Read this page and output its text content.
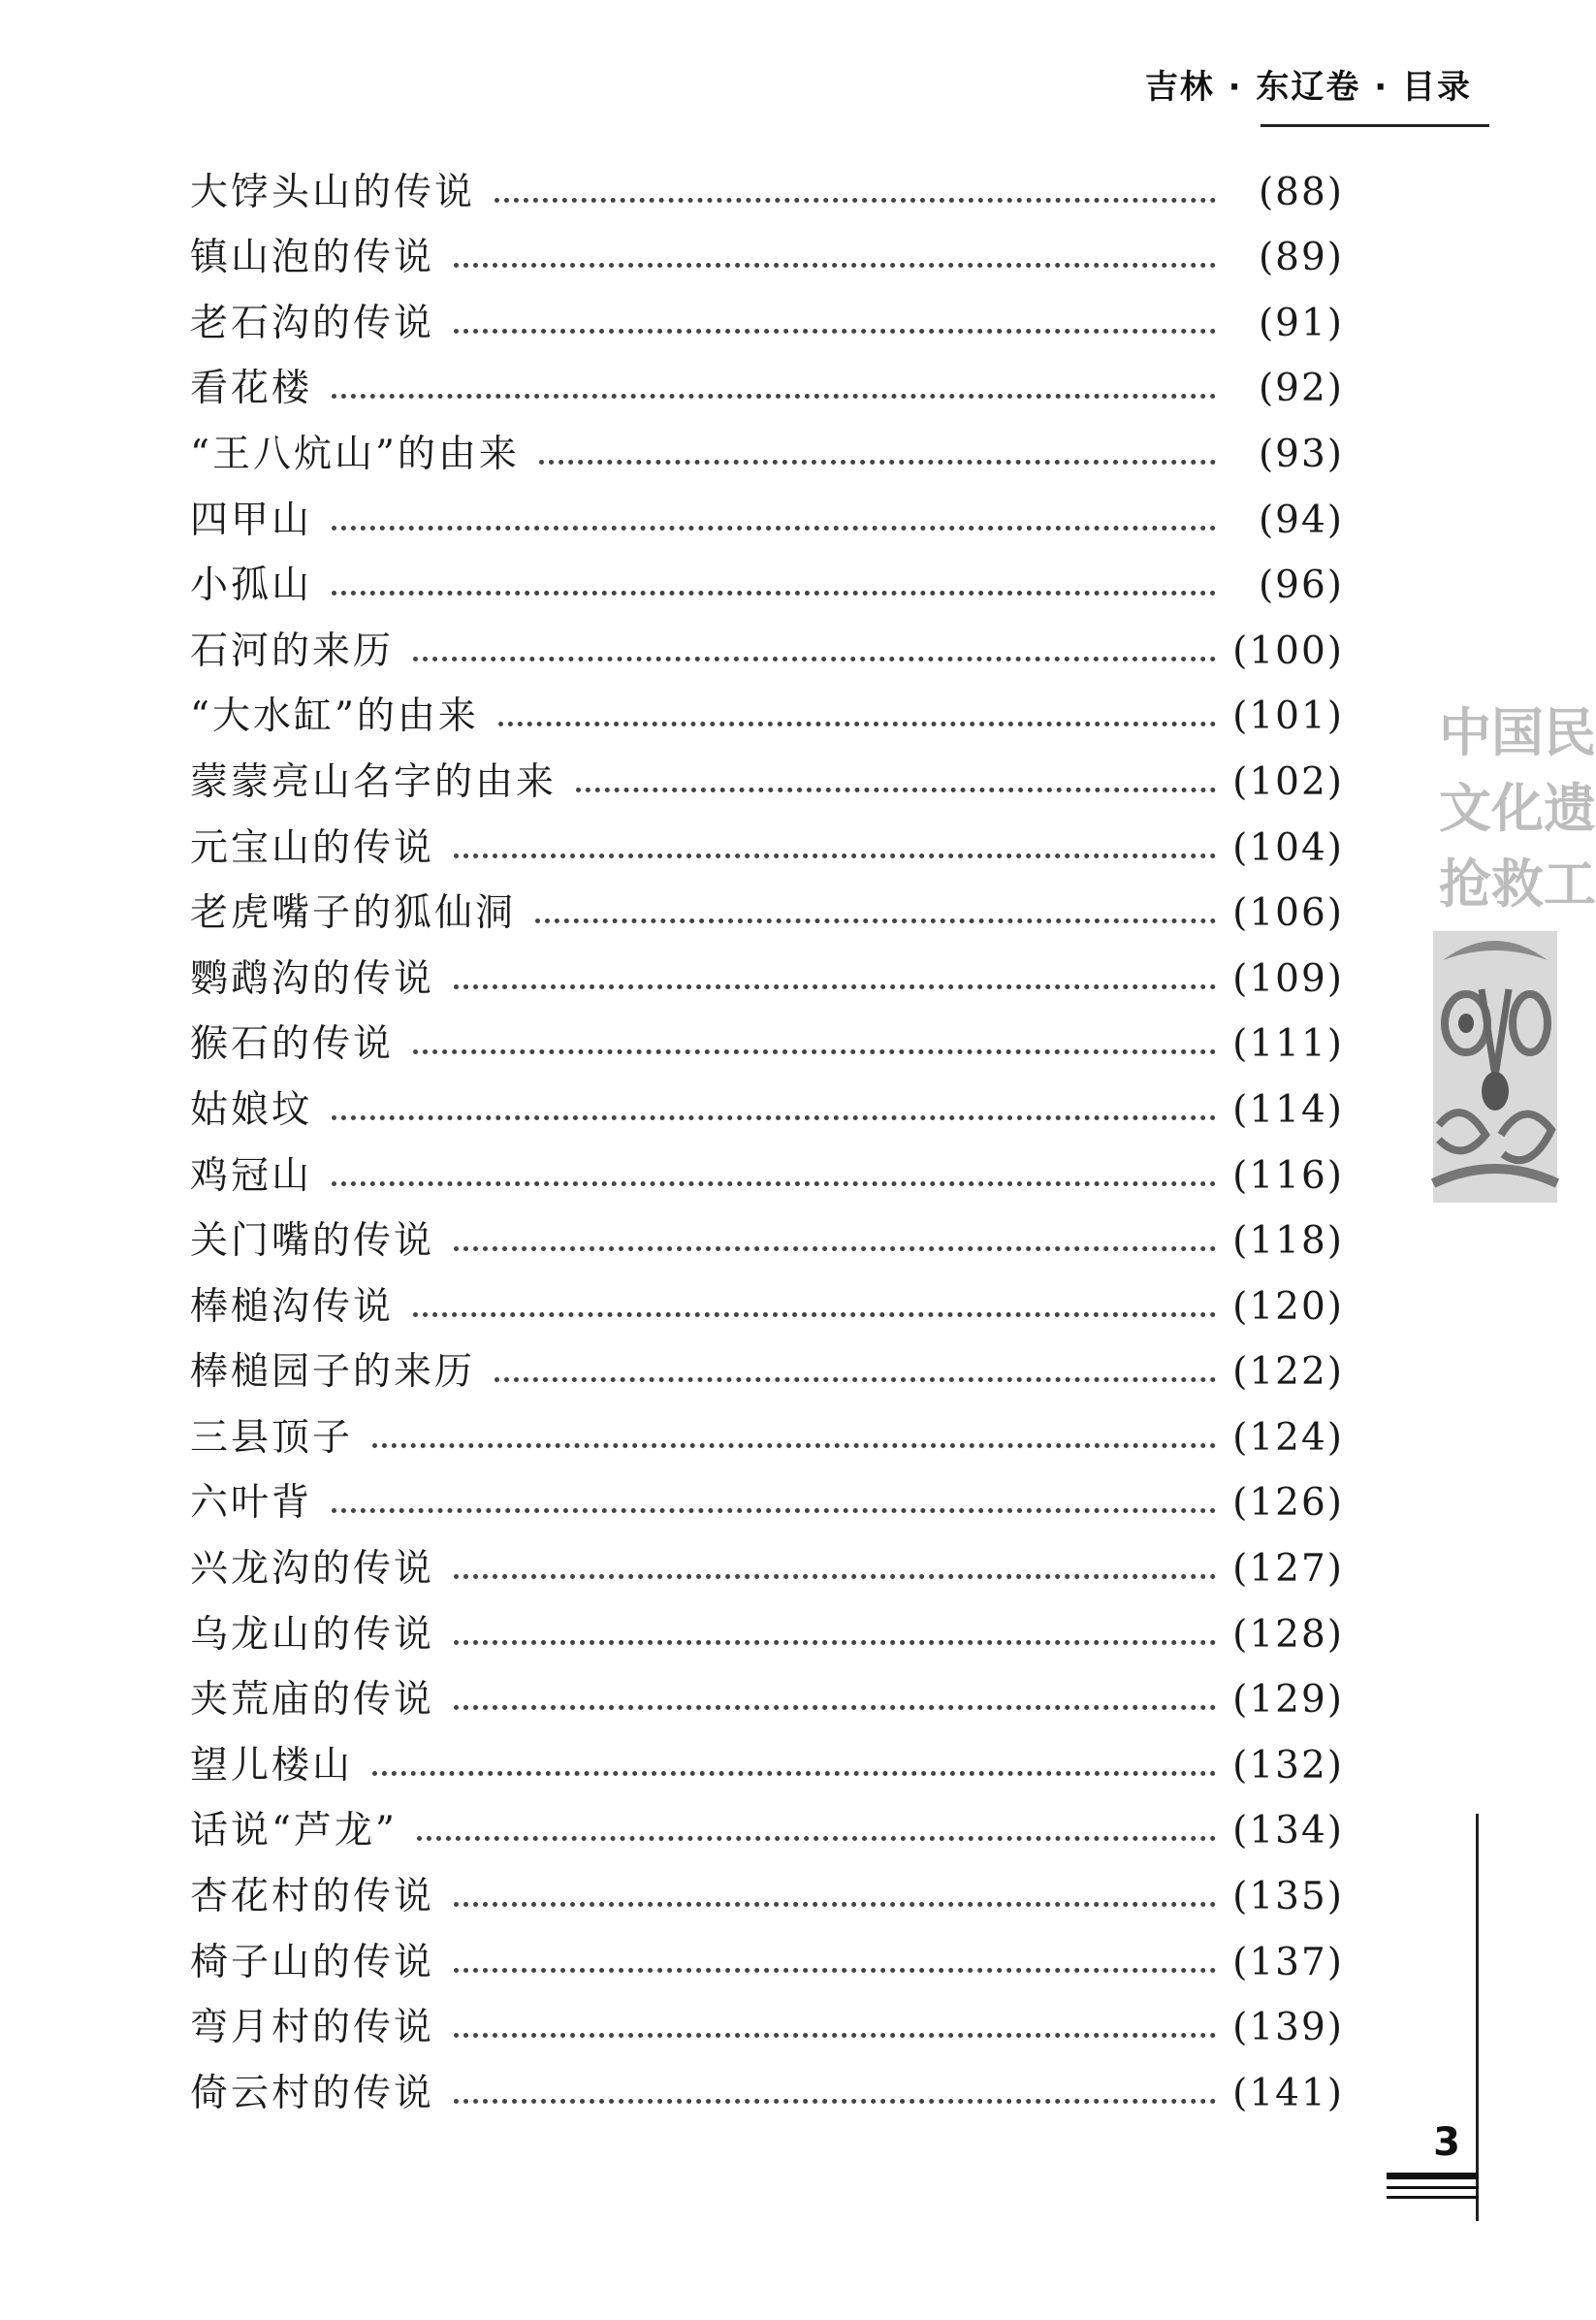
吉林 · 东辽卷 · 目录
大饽头山的传说	(88)
镇山泡的传说	(89)
老石沟的传说	(91)
看花楼	(92)
“王八炕山”的由来	(93)
四甲山	(94)
小孤山	(96)
石河的来历	(100)
“大水缸”的由来	(101)
蒙蒙亮山名字的由来	(102)
元宝山的传说	(104)
老虎嘴子的狐仙洞	(106)
鹦鹉沟的传说	(109)
猴石的传说	(111)
姑娘坟	(114)
鸡冠山	(116)
关门嘴的传说	(118)
棒槌沟传说	(120)
棒槌园子的来历	(122)
三县顶子	(124)
六叶背	(126)
兴龙沟的传说	(127)
乌龙山的传说	(128)
夹荒庙的传说	(129)
望儿楼山	(132)
话说“芦龙”	(134)
杏花村的传说	(135)
椅子山的传说	(137)
弯月村的传说	(139)
倚云村的传说	(141)
中国民
文化遗
抢救工
3
